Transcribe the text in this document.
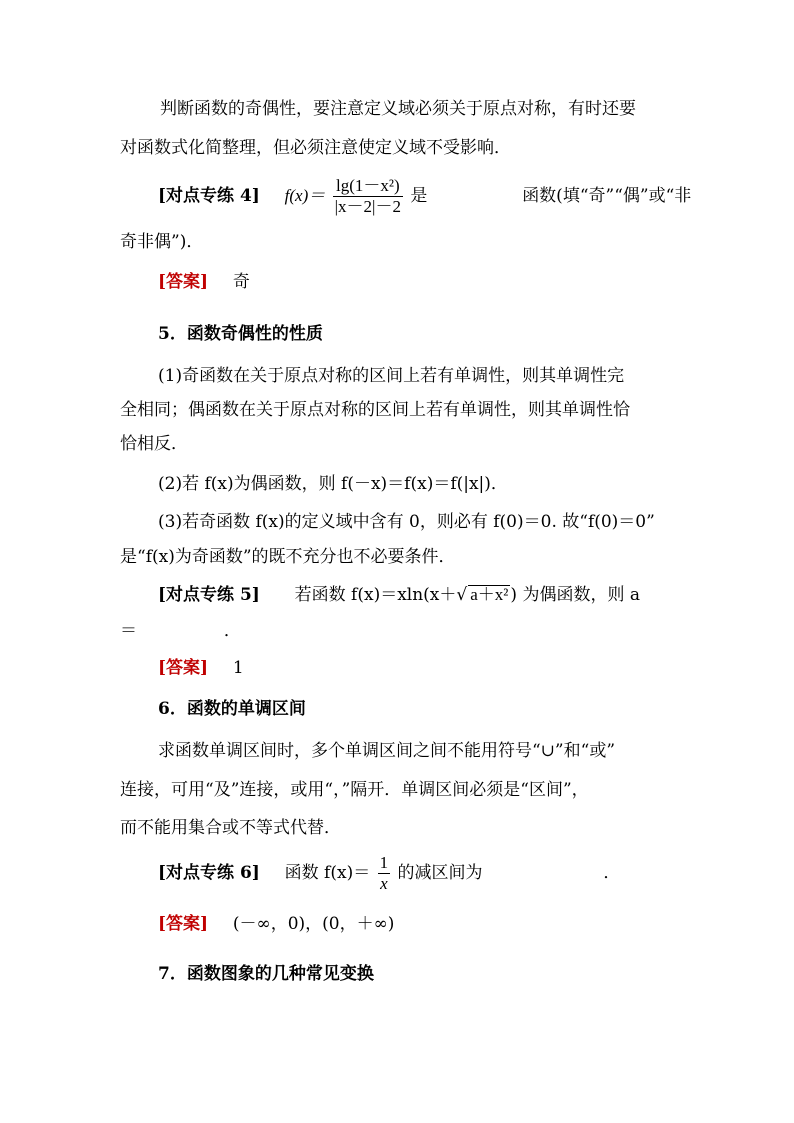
判断函数的奇偶性，要注意定义域必须关于原点对称，有时还要
对函数式化简整理，但必须注意使定义域不受影响．
[对点专练 4] $f(x)= \frac{\text{lg(1－x²)}}{|x-2|-2}$ 是	函数(填“奇”“偶”或“非
奇非偶”)．
[答案] 奇
5．函数奇偶性的性质
(1)奇函数在关于原点对称的区间上若有单调性，则其单调性完
全相同；偶函数在关于原点对称的区间上若有单调性，则其单调性恰
恰相反．
(2)若 f(x)为偶函数，则 f(－x)＝f(x)＝f(|x|)．
(3)若奇函数 f(x)的定义域中含有 0，则必有 f(0)＝0. 故“f(0)＝0”
是“f(x)为奇函数”的既不充分也不必要条件．
[对点专练 5] 若函数 f(x)＝xln(x＋√ a＋x² ) 为偶函数，则 a
＝	．
[答案] 1
6．函数的单调区间
求函数单调区间时，多个单调区间之间不能用符号“∪”和“或”
连接，可用“及”连接，或用“，”隔开．单调区间必须是“区间”，
而不能用集合或不等式代替．
[对点专练 6] 函数 $f(x)= \frac{1}{x}$ 的减区间为	．
[答案] (－∞，0)，(0，＋∞)
7．函数图象的几种常见变换
